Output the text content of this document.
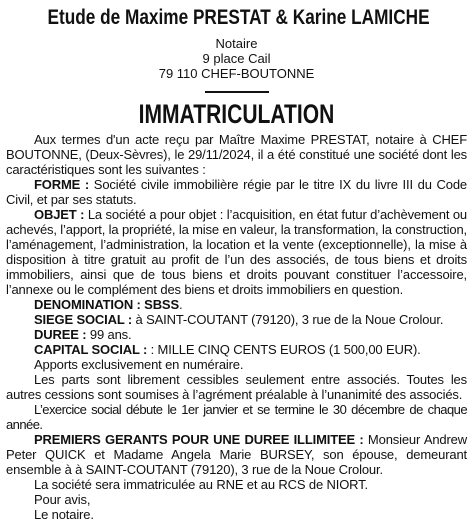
Etude de Maxime PRESTAT & Karine LAMICHE
Notaire
9 place Cail
79 110 CHEF-BOUTONNE
IMMATRICULATION

Aux termes d'un acte reçu par Maître Maxime PRESTAT, notaire à CHEF BOUTONNE, (Deux-Sèvres), le 29/11/2024, il a été constitué une société dont les caractéristiques sont les suivantes :

FORME : Société civile immobilière régie par le titre IX du livre III du Code Civil, et par ses statuts.

OBJET : La société a pour objet : l’acquisition, en état futur d’achèvement ou achevés, l’apport, la propriété, la mise en valeur, la transformation, la construction, l’aménagement, l’administration, la location et la vente (exceptionnelle), la mise à disposition à titre gratuit au profit de l’un des associés, de tous biens et droits immobiliers, ainsi que de tous biens et droits pouvant constituer l’accessoire, l’annexe ou le complément des biens et droits immobiliers en question.

DENOMINATION : SBSS.

SIEGE SOCIAL : à SAINT-COUTANT (79120), 3 rue de la Noue Crolour.

DUREE : 99 ans.

CAPITAL SOCIAL : : MILLE CINQ CENTS EUROS (1 500,00 EUR).

Apports exclusivement en numéraire.

Les parts sont librement cessibles seulement entre associés. Toutes les autres cessions sont soumises à l’agrément préalable à l’unanimité des associés.

L’exercice social débute le 1er janvier et se termine le 30 décembre de chaque année.

PREMIERS GERANTS POUR UNE DUREE ILLIMITEE : Monsieur Andrew Peter QUICK et Madame Angela Marie BURSEY, son épouse, demeurant ensemble à à SAINT-COUTANT (79120), 3 rue de la Noue Crolour.

La société sera immatriculée au RNE et au RCS de NIORT.

Pour avis,

Le notaire.
